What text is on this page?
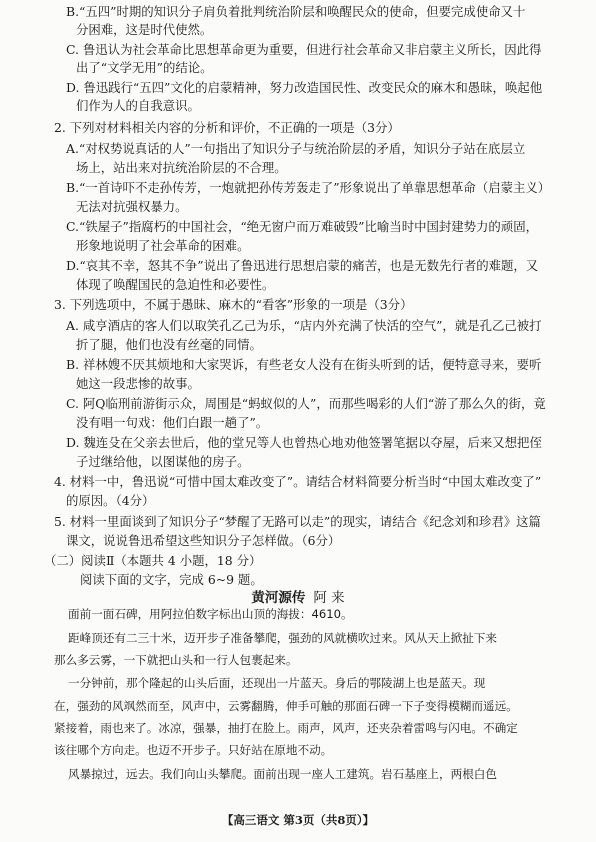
B.“五四”时期的知识分子肩负着批判统治阶层和唤醒民众的使命，但要完成使命又十
分困难，这是时代使然。
C. 鲁迅认为社会革命比思想革命更为重要，但进行社会革命又非启蒙主义所长，因此得
出了“文学无用”的结论。
D. 鲁迅践行“五四”文化的启蒙精神，努力改造国民性、改变民众的麻木和愚昧，唤起他
们作为人的自我意识。
2. 下列对材料相关内容的分析和评价，不正确的一项是（3分）
A.“对权势说真话的人”一句指出了知识分子与统治阶层的矛盾，知识分子站在底层立
场上，站出来对抗统治阶层的不合理。
B.“一首诗吓不走孙传芳，一炮就把孙传芳轰走了”形象说出了单靠思想革命（启蒙主义）
无法对抗强权暴力。
C.“铁屋子”指腐朽的中国社会，“绝无窗户而万难破毁”比喻当时中国封建势力的顽固，
形象地说明了社会革命的困难。
D.“哀其不幸，怒其不争”说出了鲁迅进行思想启蒙的痛苦，也是无数先行者的难题，又
体现了唤醒国民的急迫性和必要性。
3. 下列选项中，不属于愚昧、麻木的“看客”形象的一项是（3分）
A. 咸亨酒店的客人们以取笑孔乙己为乐，“店内外充满了快活的空气”，就是孔乙己被打
折了腿，他们也没有丝毫的同情。
B. 祥林嫂不厌其烦地和大家哭诉，有些老女人没有在街头听到的话，便特意寻来，要听
她这一段悲惨的故事。
C. 阿Q临刑前游街示众，周围是“蚂蚁似的人”，而那些喝彩的人们“游了那么久的街，竟
没有唱一句戏：他们白跟一趟了”。
D. 魏连殳在父亲去世后，他的堂兄等人也曾热心地劝他签署笔据以夺屋，后来又想把侄
子过继给他，以图谋他的房子。
4. 材料一中，鲁迅说“可惜中国太难改变了”。请结合材料简要分析当时“中国太难改变了”
的原因。（4分）
5. 材料一里面谈到了知识分子“梦醒了无路可以走”的现实，请结合《纪念刘和珍君》这篇
课文，说说鲁迅希望这些知识分子怎样做。（6分）
（二）阅读Ⅱ（本题共 4 小题，18 分）
阅读下面的文字，完成 6~9 题。
黄河源传 阿 来
面前一面石碑，用阿拉伯数字标出山顶的海拔：4610。
距峰顶还有二三十米，迈开步子准备攀爬，强劲的风就横吹过来。风从天上掀扯下来
那么多云雾，一下就把山头和一行人包裹起来。
一分钟前，那个隆起的山头后面，还现出一片蓝天。身后的鄂陵湖上也是蓝天。现
在，强劲的风飒然而至，风声中，云雾翻腾，伸手可触的那面石碑一下子变得模糊而遥远。
紧接着，雨也来了。冰凉，强暴，抽打在脸上。雨声，风声，还夹杂着雷鸣与闪电。不确定
该往哪个方向走。也迈不开步子。只好站在原地不动。
风暴掠过，远去。我们向山头攀爬。面前出现一座人工建筑。岩石基座上，两根白色
【高三语文 第3页（共8页）】
